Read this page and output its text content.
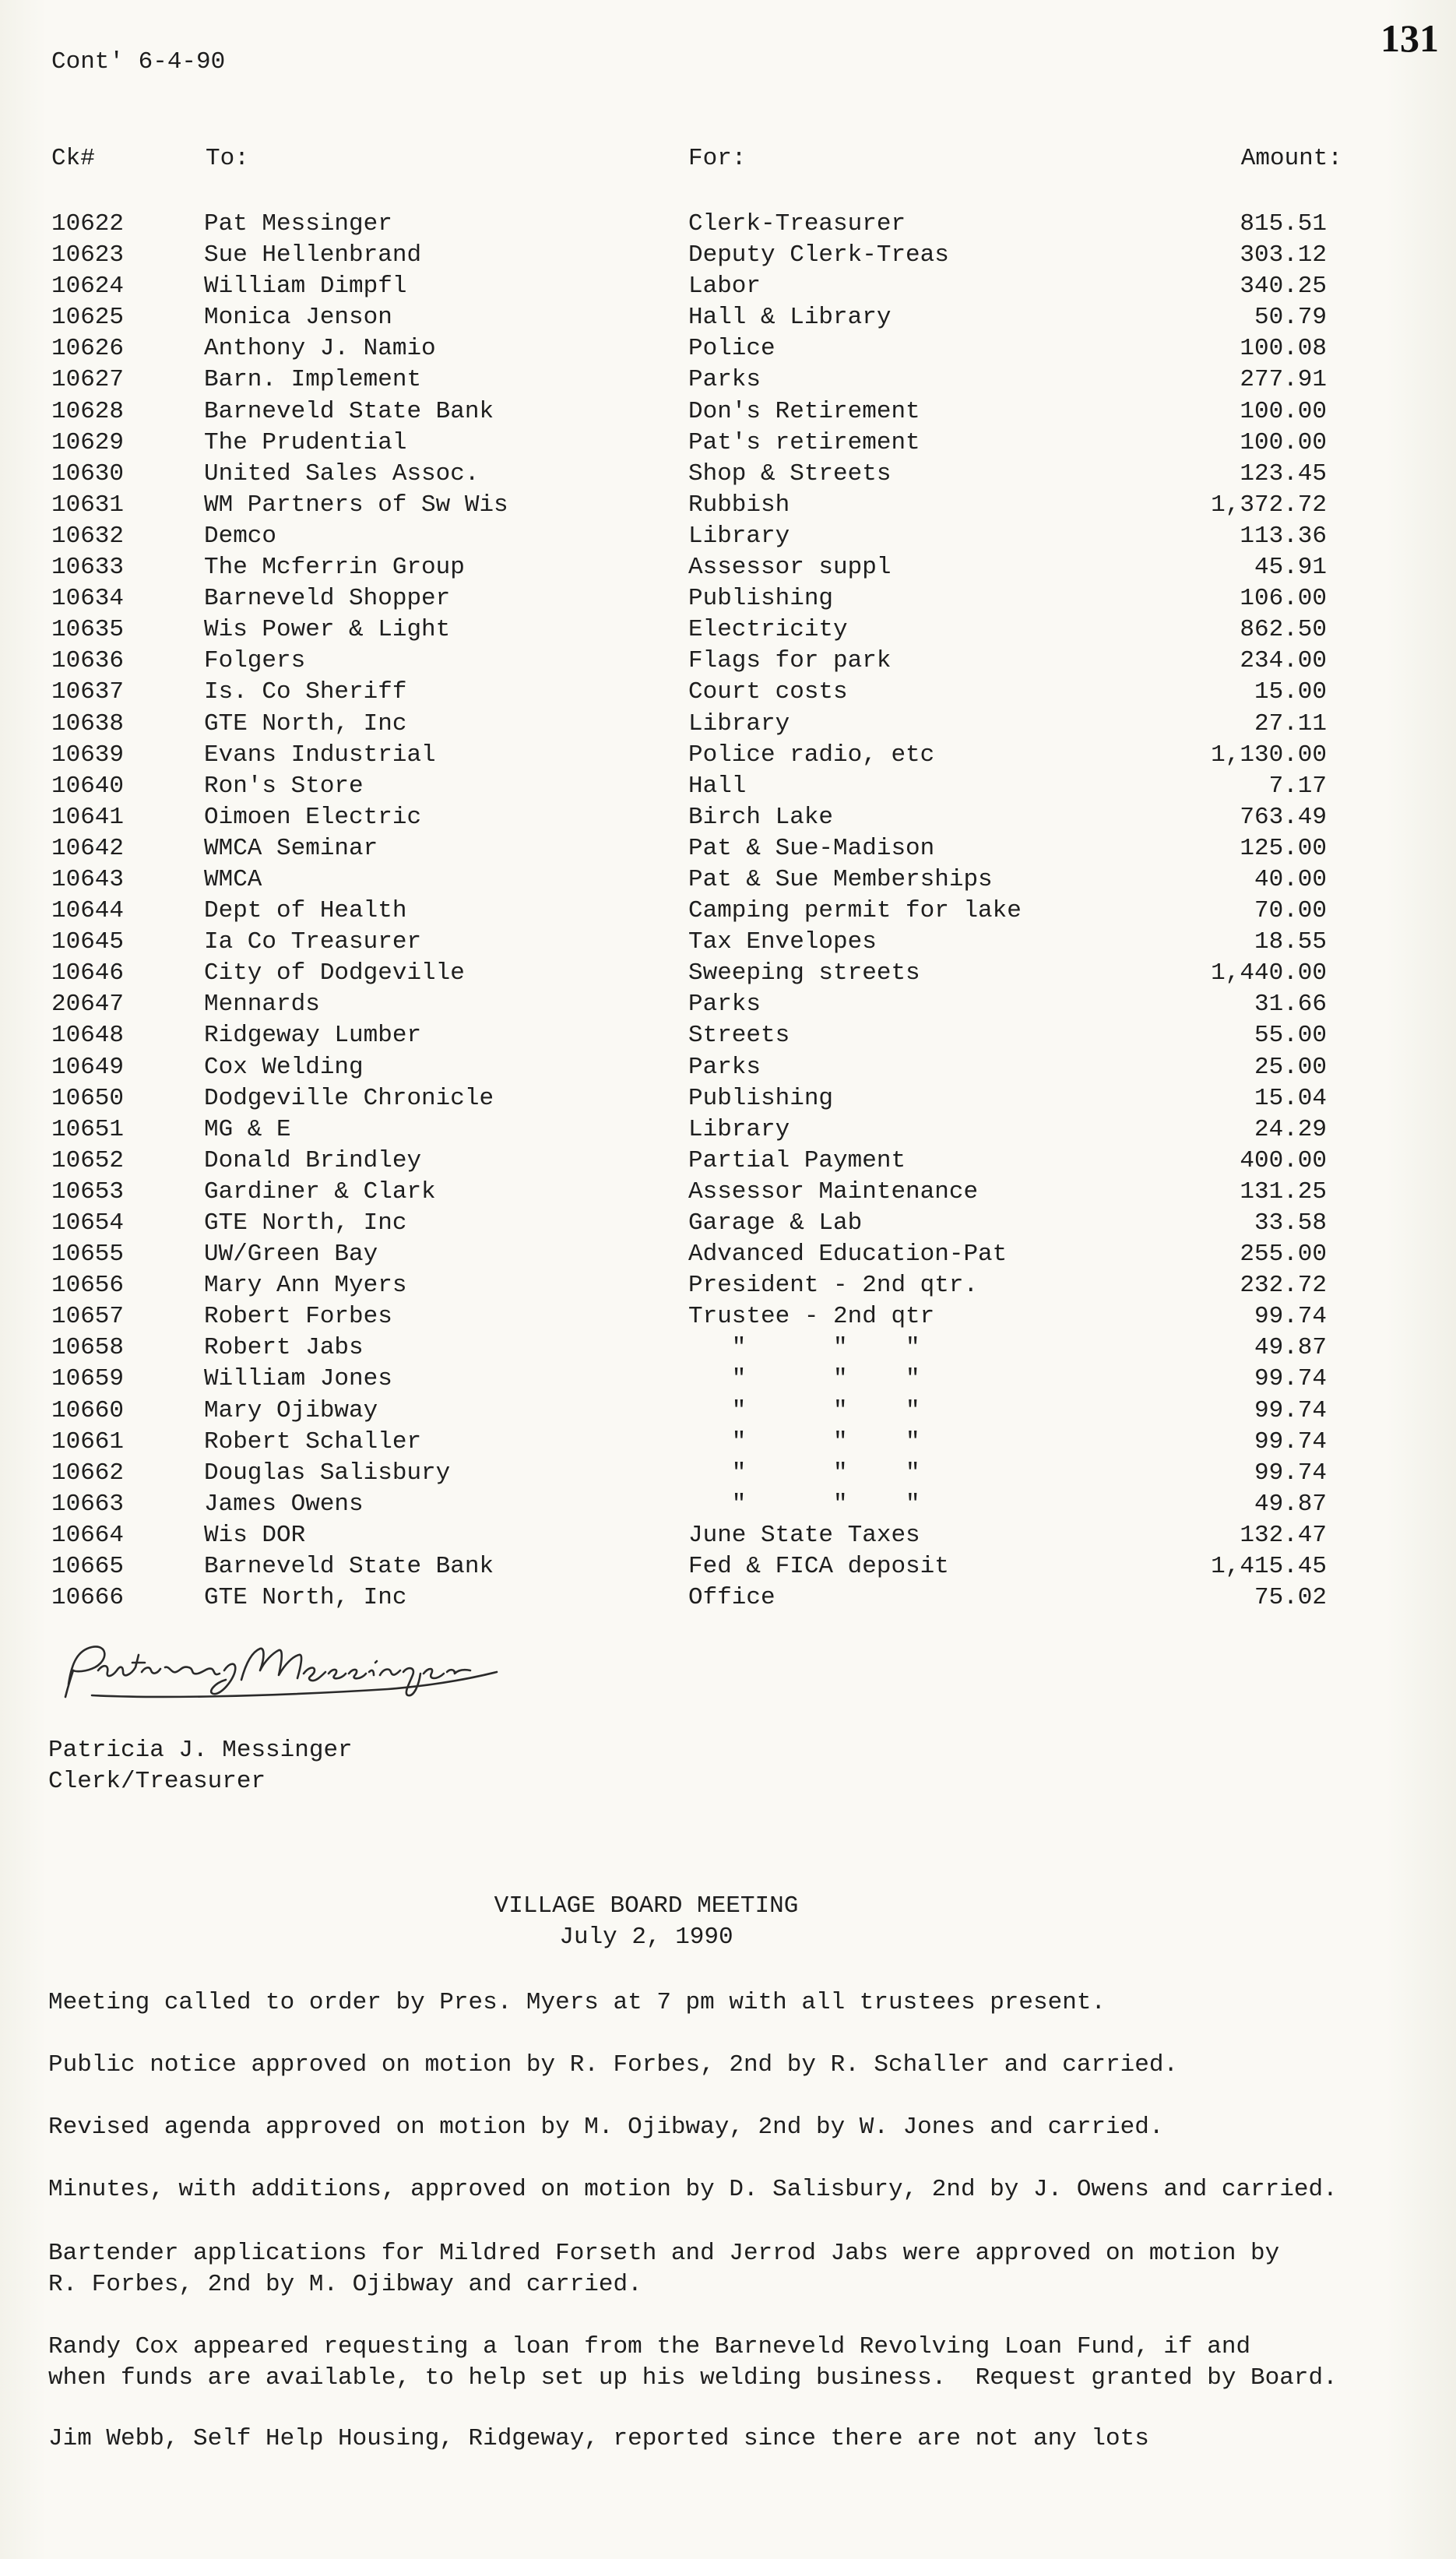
131
Cont' 6-4-90
Ck#	To:	For:	Amount:
10622	Pat Messinger	Clerk-Treasurer	815.51
10623	Sue Hellenbrand	Deputy Clerk-Treas	303.12
10624	William Dimpfl	Labor	340.25
10625	Monica Jenson	Hall & Library	50.79
10626	Anthony J. Namio	Police	100.08
10627	Barn. Implement	Parks	277.91
10628	Barneveld State Bank	Don's Retirement	100.00
10629	The Prudential	Pat's retirement	100.00
10630	United Sales Assoc.	Shop & Streets	123.45
10631	WM Partners of Sw Wis	Rubbish	1,372.72
10632	Demco	Library	113.36
10633	The Mcferrin Group	Assessor suppl	45.91
10634	Barneveld Shopper	Publishing	106.00
10635	Wis Power & Light	Electricity	862.50
10636	Folgers	Flags for park	234.00
10637	Is. Co Sheriff	Court costs	15.00
10638	GTE North, Inc	Library	27.11
10639	Evans Industrial	Police radio, etc	1,130.00
10640	Ron's Store	Hall	7.17
10641	Oimoen Electric	Birch Lake	763.49
10642	WMCA Seminar	Pat & Sue-Madison	125.00
10643	WMCA	Pat & Sue Memberships	40.00
10644	Dept of Health	Camping permit for lake	70.00
10645	Ia Co Treasurer	Tax Envelopes	18.55
10646	City of Dodgeville	Sweeping streets	1,440.00
20647	Mennards	Parks	31.66
10648	Ridgeway Lumber	Streets	55.00
10649	Cox Welding	Parks	25.00
10650	Dodgeville Chronicle	Publishing	15.04
10651	MG & E	Library	24.29
10652	Donald Brindley	Partial Payment	400.00
10653	Gardiner & Clark	Assessor Maintenance	131.25
10654	GTE North, Inc	Garage & Lab	33.58
10655	UW/Green Bay	Advanced Education-Pat	255.00
10656	Mary Ann Myers	President - 2nd qtr.	232.72
10657	Robert Forbes	Trustee - 2nd qtr	99.74
10658	Robert Jabs	"      "    "	49.87
10659	William Jones	"      "    "	99.74
10660	Mary Ojibway	"      "    "	99.74
10661	Robert Schaller	"      "    "	99.74
10662	Douglas Salisbury	"      "    "	99.74
10663	James Owens	"      "    "	49.87
10664	Wis DOR	June State Taxes	132.47
10665	Barneveld State Bank	Fed & FICA deposit	1,415.45
10666	GTE North, Inc	Office	75.02
Patricia J. Messinger
Clerk/Treasurer
VILLAGE BOARD MEETING
July 2, 1990
Meeting called to order by Pres. Myers at 7 pm with all trustees present.
Public notice approved on motion by R. Forbes, 2nd by R. Schaller and carried.
Revised agenda approved on motion by M. Ojibway, 2nd by W. Jones and carried.
Minutes, with additions, approved on motion by D. Salisbury, 2nd by J. Owens and carried.
Bartender applications for Mildred Forseth and Jerrod Jabs were approved on motion by
R. Forbes, 2nd by M. Ojibway and carried.
Randy Cox appeared requesting a loan from the Barneveld Revolving Loan Fund, if and
when funds are available, to help set up his welding business.  Request granted by Board.
Jim Webb, Self Help Housing, Ridgeway, reported since there are not any lots
